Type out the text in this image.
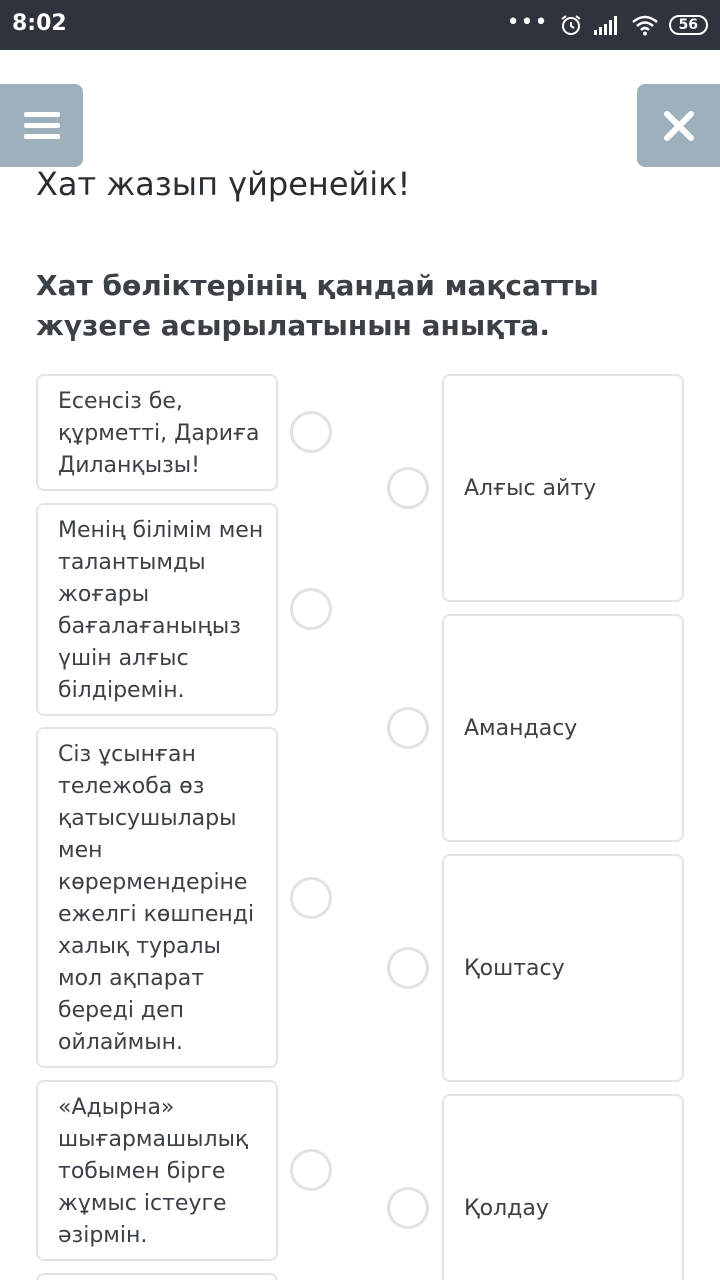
8:02	•••	56
Хат жазып үйренейік!
Хат бөліктерінің қандай мақсатты жүзеге асырылатынын анықта.
Есенсіз бе, құрметті, Дариға Диланқызы!
Менің білімім мен талантымды жоғары бағалағаныңыз үшін алғыс білдіремін.
Сіз ұсынған тележоба өз қатысушылары мен көрермендеріне ежелгі көшпенді халық туралы мол ақпарат береді деп ойлаймын.
«Адырна» шығармашылық тобымен бірге жұмыс істеуге әзірмін.
Алғыс айту
Амандасу
Қоштасу
Қолдау
